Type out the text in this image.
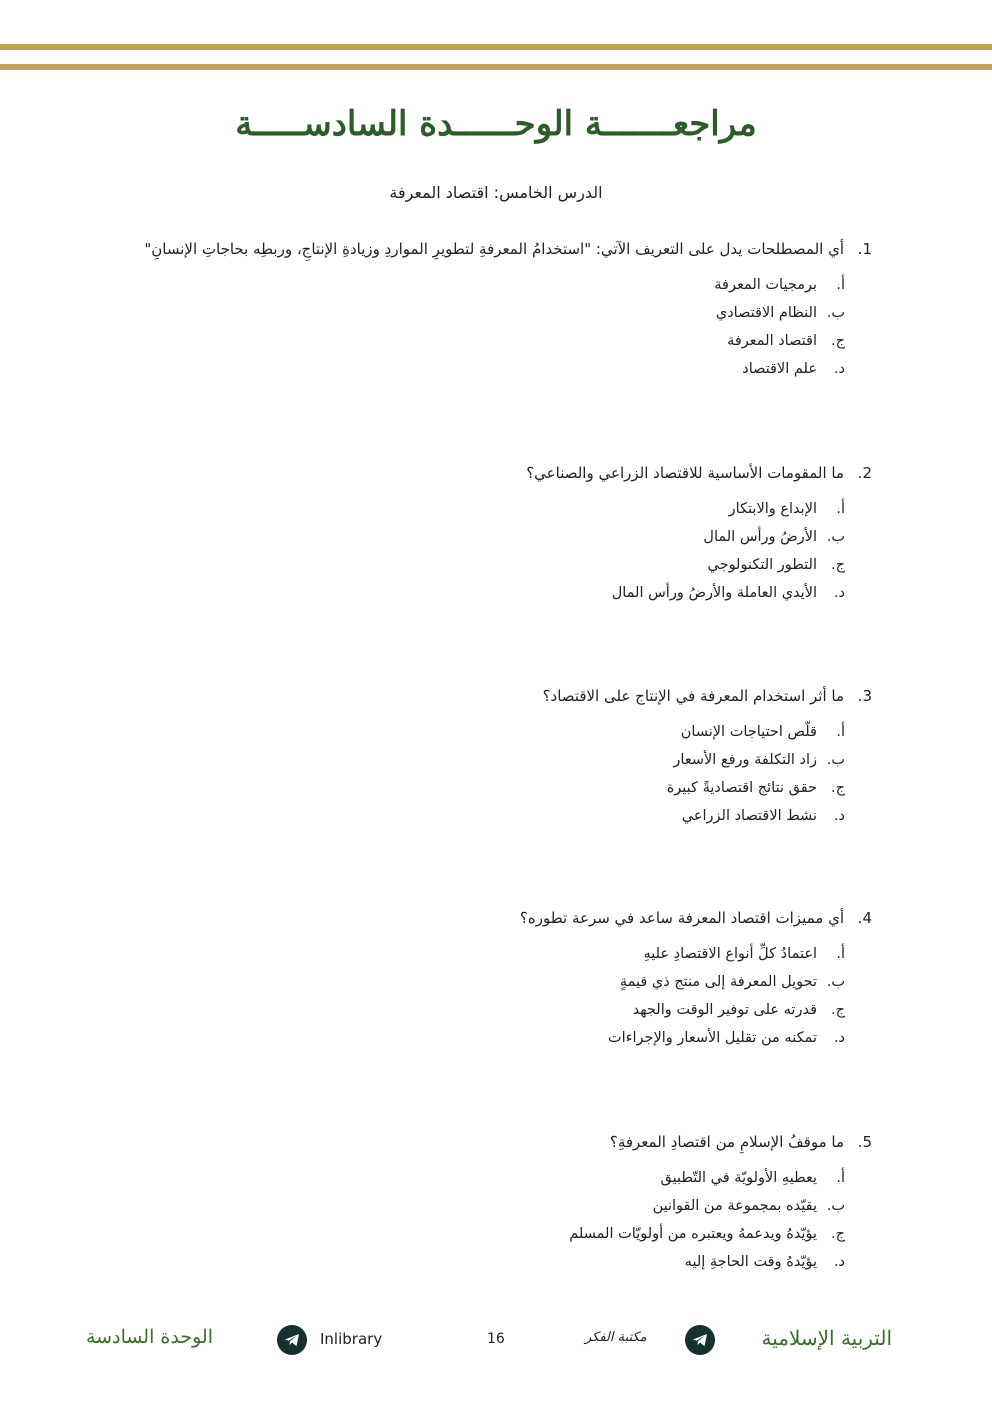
مراجعـــــــة الوحــــــدة السادســـــة
الدرس الخامس: اقتصاد المعرفة
1.أي المصطلحات يدل على التعريف الآتي: "استخدامُ المعرفةِ لتطويرِ المواردِ وزيادةِ الإنتاجِ، وربطِه بحاجاتِ الإنسانِ"
أ.برمجيات المعرفة
ب.النظام الاقتصادي
ج.اقتصاد المعرفة
د.علم الاقتصاد
2.ما المقومات الأساسية للاقتصاد الزراعي والصناعي؟
أ.الإبداع والابتكار
ب.الأرضُ ورأس المال
ج.التطور التكنولوجي
د.الأيدي العاملة والأرضُ ورأس المال
3.ما أثر استخدام المعرفة في الإنتاج على الاقتصاد؟
أ.قلّص احتياجات الإنسان
ب.زاد التكلفة ورفع الأسعار
ج.حقق نتائج اقتصاديةً كبيرة
د.نشط الاقتصاد الزراعي
4.أي مميزات اقتصاد المعرفة ساعد في سرعة تطوره؟
أ.اعتمادُ كلِّ أنواع الاقتصادِ عليهِ
ب.تحويل المعرفة إلى منتج ذي قيمةٍ
ج.قدرته على توفير الوقت والجهد
د.تمكنه من تقليل الأسعار والإجراءات
5.ما موقفُ الإسلامِ من اقتصادِ المعرفةِ؟
أ.يعطيهِ الأولويّة في التّطبيق
ب.يقيّده بمجموعة من القوانين
ج.يؤيّدهُ ويدعمهُ ويعتبره من أولويّات المسلم
د.يؤيّدهُ وقت الحاجةِ إليه
الوحدة السادسة	Inlibrary	16	مكتبة الفكر	التربية الإسلامية
